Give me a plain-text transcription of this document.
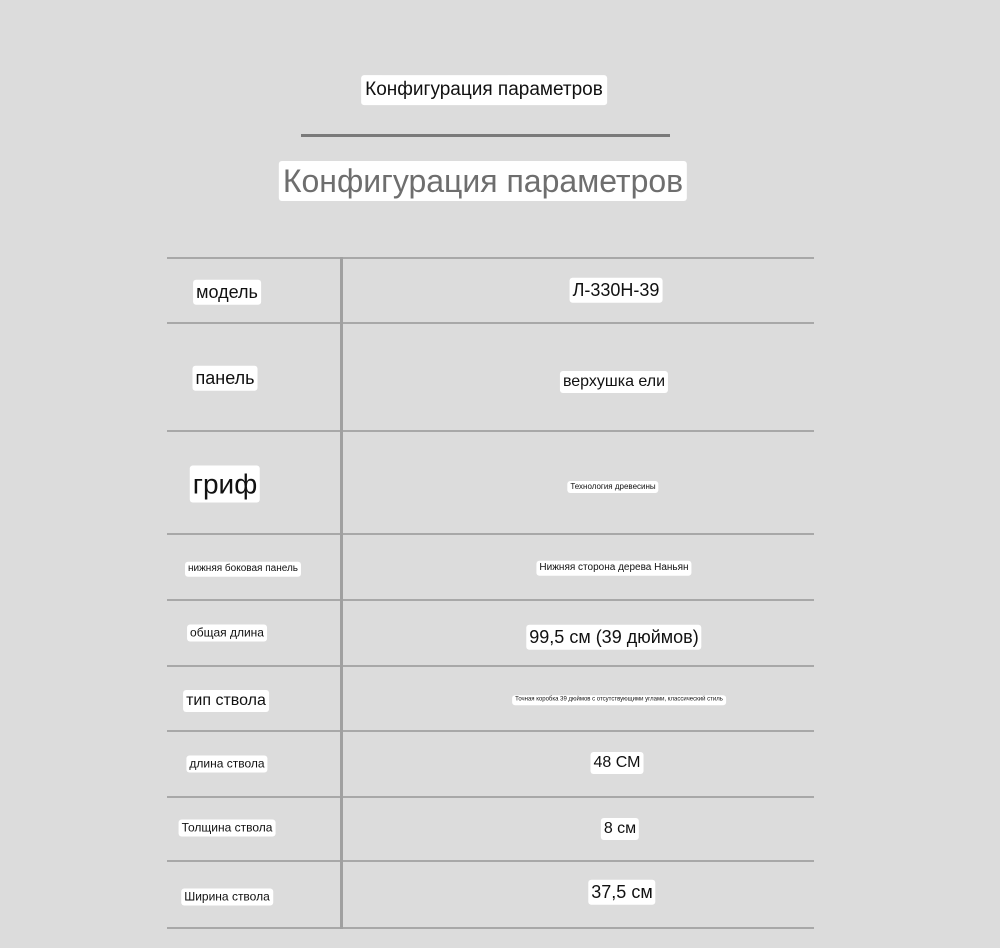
Конфигурация параметров
Конфигурация параметров
модель	Л-330Н-39
панель	верхушка ели
гриф	Технология древесины
нижняя боковая панель	Нижняя сторона дерева Наньян
общая длина	99,5 см (39 дюймов)
тип ствола	Точная коробка 39 дюймов с отсутствующими углами, классический стиль
длина ствола	48 СМ
Толщина ствола	8 см
Ширина ствола	37,5 см
